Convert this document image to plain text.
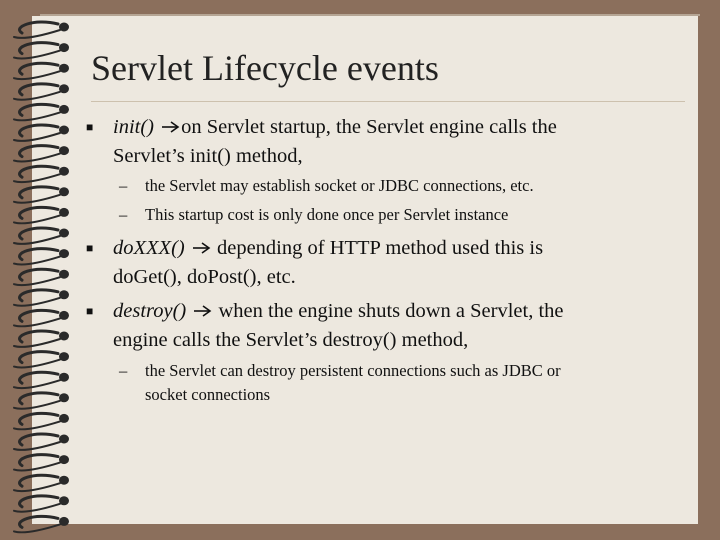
Servlet Lifecycle events

■ init() on Servlet startup, the Servlet engine calls the

Servlet’s init() method,

– the Servlet may establish socket or JDBC connections, etc.

– This startup cost is only done once per Servlet instance

■ doXXX()  depending of HTTP method used this is

doGet(), doPost(), etc.

■ destroy()  when the engine shuts down a Servlet, the

engine calls the Servlet’s destroy() method,

– the Servlet can destroy persistent connections such as JDBC or

socket connections
